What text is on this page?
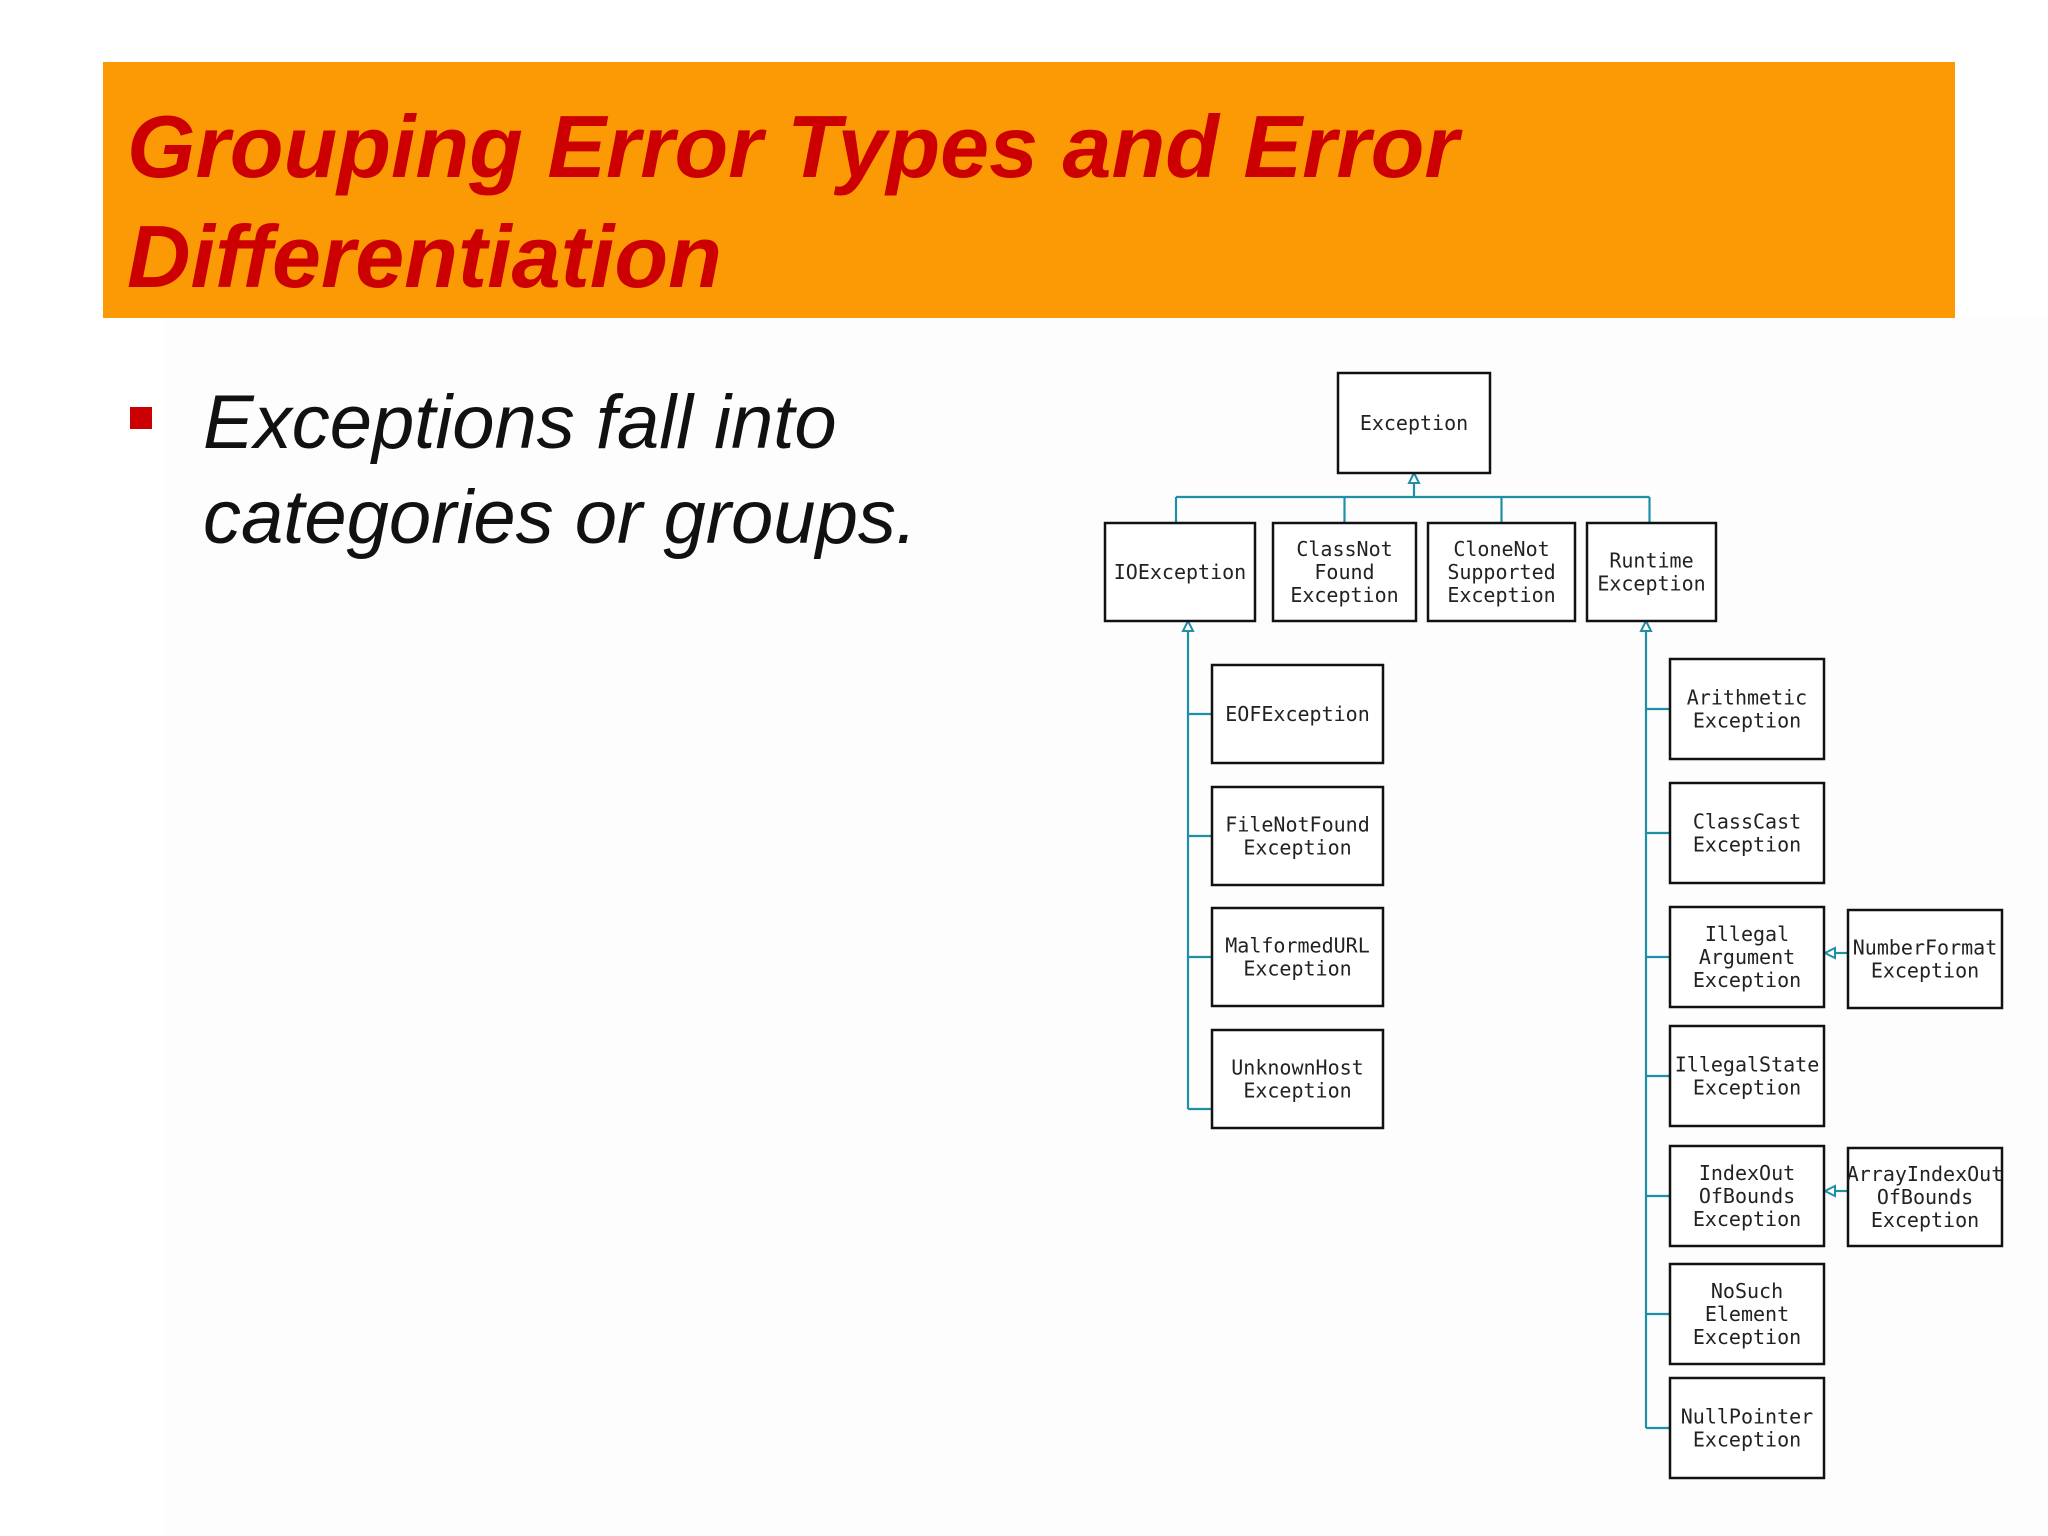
Grouping Error Types and Error
Differentiation

Exceptions fall into
categories or groups.

Exception
IOException
ClassNot
Found
Exception
CloneNot
Supported
Exception
Runtime
Exception
EOFException
FileNotFound
Exception
MalformedURL
Exception
UnknownHost
Exception
Arithmetic
Exception
ClassCast
Exception
Illegal
Argument
Exception
IllegalState
Exception
IndexOut
OfBounds
Exception
NoSuch
Element
Exception
NullPointer
Exception
NumberFormat
Exception
ArrayIndexOut
OfBounds
Exception
